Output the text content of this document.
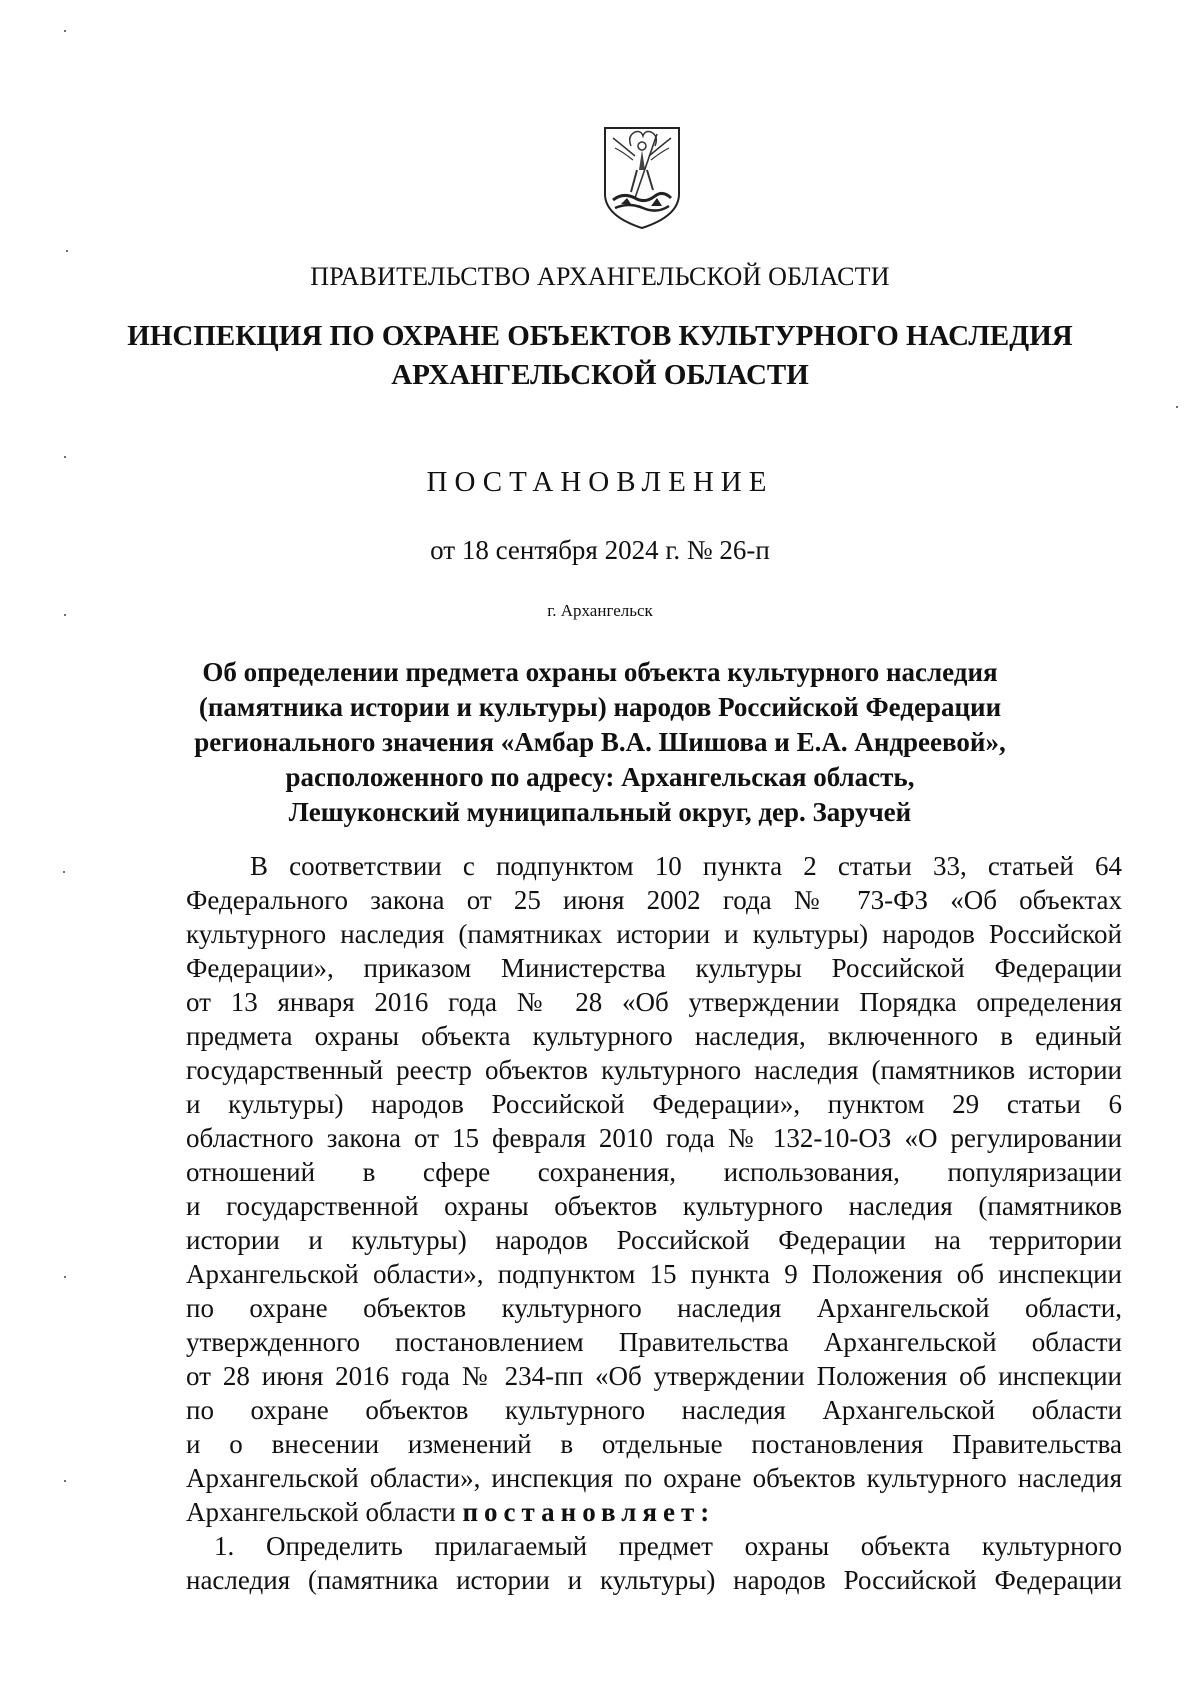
ПРАВИТЕЛЬСТВО АРХАНГЕЛЬСКОЙ ОБЛАСТИ
ИНСПЕКЦИЯ ПО ОХРАНЕ ОБЪЕКТОВ КУЛЬТУРНОГО НАСЛЕДИЯ
АРХАНГЕЛЬСКОЙ ОБЛАСТИ
ПОСТАНОВЛЕНИЕ
от 18 сентября 2024 г. № 26-п
г. Архангельск
Об определении предмета охраны объекта культурного наследия
(памятника истории и культуры) народов Российской Федерации
регионального значения «Амбар В.А. Шишова и Е.А. Андреевой»,
расположенного по адресу: Архангельская область,
Лешуконский муниципальный округ, дер. Заручей
В соответствии с подпунктом 10 пункта 2 статьи 33, статьей 64
Федерального закона от 25 июня 2002 года № 73-ФЗ «Об объектах
культурного наследия (памятниках истории и культуры) народов Российской
Федерации», приказом Министерства культуры Российской Федерации
от 13 января 2016 года № 28 «Об утверждении Порядка определения
предмета охраны объекта культурного наследия, включенного в единый
государственный реестр объектов культурного наследия (памятников истории
и культуры) народов Российской Федерации», пунктом 29 статьи 6
областного закона от 15 февраля 2010 года № 132-10-ОЗ «О регулировании
отношений в сфере сохранения, использования, популяризации
и государственной охраны объектов культурного наследия (памятников
истории и культуры) народов Российской Федерации на территории
Архангельской области», подпунктом 15 пункта 9 Положения об инспекции
по охране объектов культурного наследия Архангельской области,
утвержденного постановлением Правительства Архангельской области
от 28 июня 2016 года № 234-пп «Об утверждении Положения об инспекции
по охране объектов культурного наследия Архангельской области
и о внесении изменений в отдельные постановления Правительства
Архангельской области», инспекция по охране объектов культурного наследия
Архангельской области постановляет:
1. Определить прилагаемый предмет охраны объекта культурного
наследия (памятника истории и культуры) народов Российской Федерации
